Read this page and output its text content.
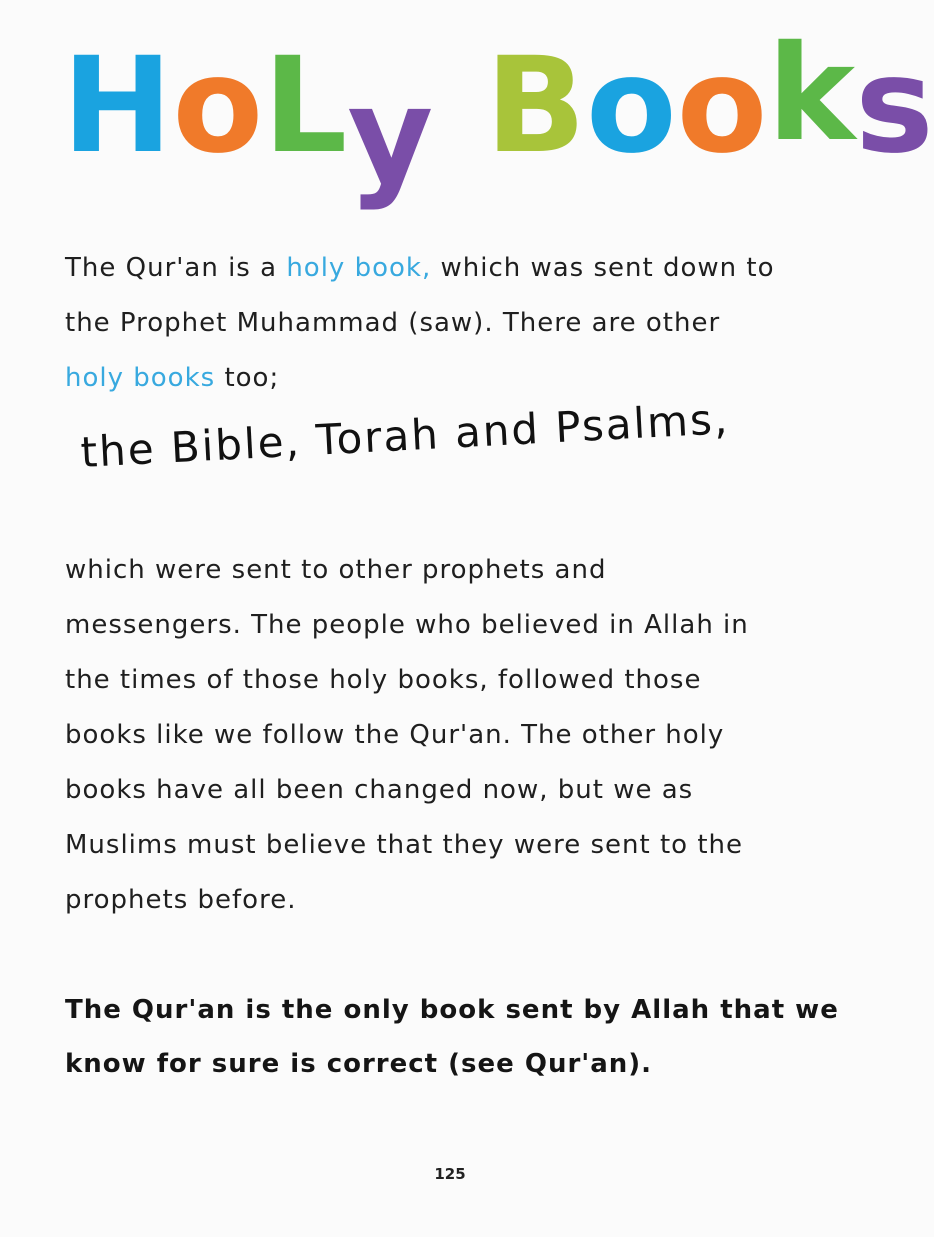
HoLy Books
The Qur'an is a holy book, which was sent down to
the Prophet Muhammad (saw). There are other
holy books too;
the Bible, Torah and Psalms,
which were sent to other prophets and
messengers. The people who believed in Allah in
the times of those holy books, followed those
books like we follow the Qur'an. The other holy
books have all been changed now, but we as
Muslims must believe that they were sent to the
prophets before.
The Qur'an is the only book sent by Allah that we
know for sure is correct (see Qur'an).
125
